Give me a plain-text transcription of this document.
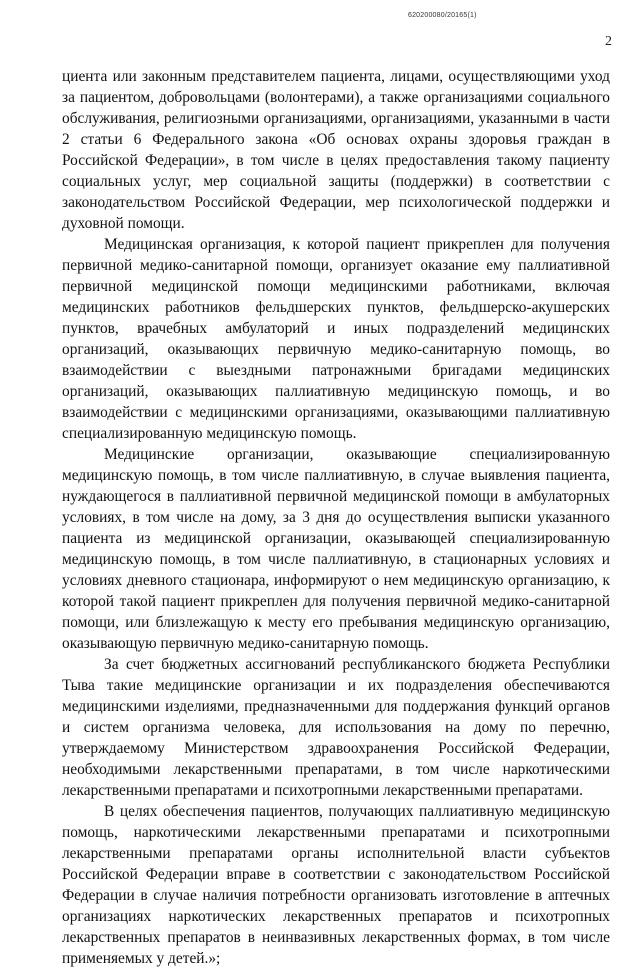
620200080/20165(1)
2

циента или законным представителем пациента, лицами, осуществляющими уход за пациентом, добровольцами (волонтерами), а также организациями социального обслуживания, религиозными организациями, организациями, указанными в части 2 статьи 6 Федерального закона «Об основах охраны здоровья граждан в Российской Федерации», в том числе в целях предоставления такому пациенту социальных услуг, мер социальной защиты (поддержки) в соответствии с законодательством Российской Федерации, мер психологической поддержки и духовной помощи.

Медицинская организация, к которой пациент прикреплен для получения первичной медико-санитарной помощи, организует оказание ему паллиативной первичной медицинской помощи медицинскими работниками, включая медицинских работников фельдшерских пунктов, фельдшерско-акушерских пунктов, врачебных амбулаторий и иных подразделений медицинских организаций, оказывающих первичную медико-санитарную помощь, во взаимодействии с выездными патронажными бригадами медицинских организаций, оказывающих паллиативную медицинскую помощь, и во взаимодействии с медицинскими организациями, оказывающими паллиативную специализированную медицинскую помощь.

Медицинские организации, оказывающие специализированную медицинскую помощь, в том числе паллиативную, в случае выявления пациента, нуждающегося в паллиативной первичной медицинской помощи в амбулаторных условиях, в том числе на дому, за 3 дня до осуществления выписки указанного пациента из медицинской организации, оказывающей специализированную медицинскую помощь, в том числе паллиативную, в стационарных условиях и условиях дневного стационара, информируют о нем медицинскую организацию, к которой такой пациент прикреплен для получения первичной медико-санитарной помощи, или близлежащую к месту его пребывания медицинскую организацию, оказывающую первичную медико-санитарную помощь.

За счет бюджетных ассигнований республиканского бюджета Республики Тыва такие медицинские организации и их подразделения обеспечиваются медицинскими изделиями, предназначенными для поддержания функций органов и систем организма человека, для использования на дому по перечню, утверждаемому Министерством здравоохранения Российской Федерации, необходимыми лекарственными препаратами, в том числе наркотическими лекарственными препаратами и психотропными лекарственными препаратами.

В целях обеспечения пациентов, получающих паллиативную медицинскую помощь, наркотическими лекарственными препаратами и психотропными лекарственными препаратами органы исполнительной власти субъектов Российской Федерации вправе в соответствии с законодательством Российской Федерации в случае наличия потребности организовать изготовление в аптечных организациях наркотических лекарственных препаратов и психотропных лекарственных препаратов в неинвазивных лекарственных формах, в том числе применяемых у детей.»;
